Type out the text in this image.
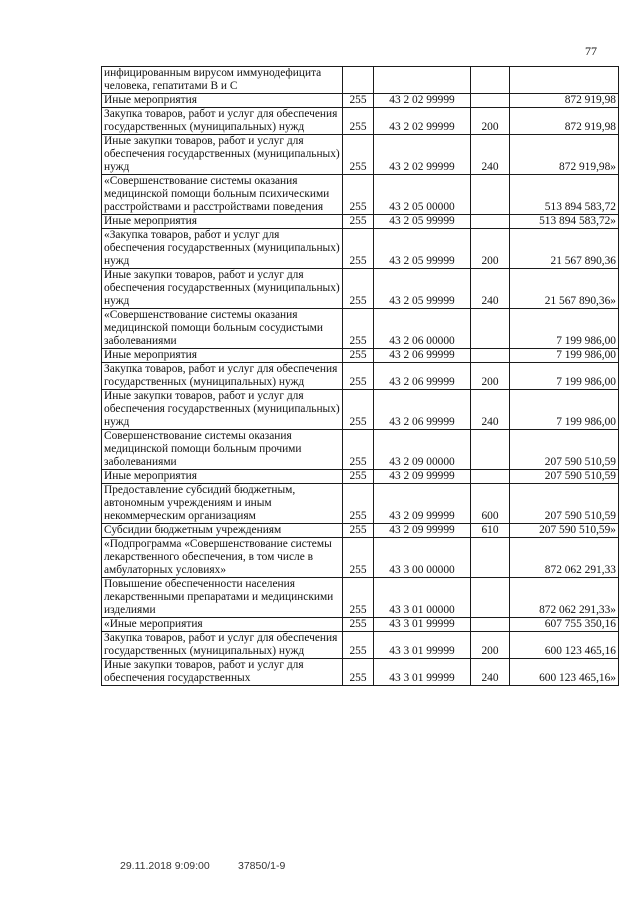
77
инфицированным вирусом иммунодефицита человека, гепатитами В и С				
Иные мероприятия	255	43 2 02 99999		872 919,98
Закупка товаров, работ и услуг для обеспечения государственных (муниципальных) нужд	255	43 2 02 99999	200	872 919,98
Иные закупки товаров, работ и услуг для обеспечения государственных (муниципальных) нужд	255	43 2 02 99999	240	872 919,98»
«Совершенствование системы оказания медицинской помощи больным психическими расстройствами и расстройствами поведения	255	43 2 05 00000		513 894 583,72
Иные мероприятия	255	43 2 05 99999		513 894 583,72»
«Закупка товаров, работ и услуг для обеспечения государственных (муниципальных) нужд	255	43 2 05 99999	200	21 567 890,36
Иные закупки товаров, работ и услуг для обеспечения государственных (муниципальных) нужд	255	43 2 05 99999	240	21 567 890,36»
«Совершенствование системы оказания медицинской помощи больным сосудистыми заболеваниями	255	43 2 06 00000		7 199 986,00
Иные мероприятия	255	43 2 06 99999		7 199 986,00
Закупка товаров, работ и услуг для обеспечения государственных (муниципальных) нужд	255	43 2 06 99999	200	7 199 986,00
Иные закупки товаров, работ и услуг для обеспечения государственных (муниципальных) нужд	255	43 2 06 99999	240	7 199 986,00
Совершенствование системы оказания медицинской помощи больным прочими заболеваниями	255	43 2 09 00000		207 590 510,59
Иные мероприятия	255	43 2 09 99999		207 590 510,59
Предоставление субсидий бюджетным, автономным учреждениям и иным некоммерческим организациям	255	43 2 09 99999	600	207 590 510,59
Субсидии бюджетным учреждениям	255	43 2 09 99999	610	207 590 510,59»
«Подпрограмма «Совершенствование системы лекарственного обеспечения, в том числе в амбулаторных условиях»	255	43 3 00 00000		872 062 291,33
Повышение обеспеченности населения лекарственными препаратами и медицинскими изделиями	255	43 3 01 00000		872 062 291,33»
«Иные мероприятия	255	43 3 01 99999		607 755 350,16
Закупка товаров, работ и услуг для обеспечения государственных (муниципальных) нужд	255	43 3 01 99999	200	600 123 465,16
Иные закупки товаров, работ и услуг для обеспечения государственных	255	43 3 01 99999	240	600 123 465,16»
29.11.2018 9:09:00	37850/1-9
